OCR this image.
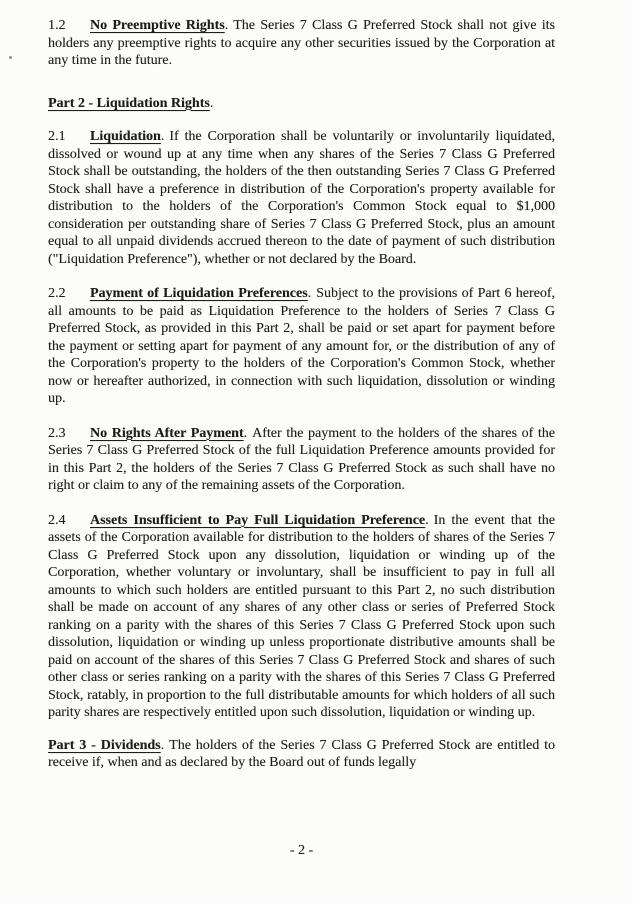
1.2 No Preemptive Rights. The Series 7 Class G Preferred Stock shall not give its holders any preemptive rights to acquire any other securities issued by the Corporation at any time in the future.

Part 2 - Liquidation Rights.

2.1 Liquidation. If the Corporation shall be voluntarily or involuntarily liquidated, dissolved or wound up at any time when any shares of the Series 7 Class G Preferred Stock shall be outstanding, the holders of the then outstanding Series 7 Class G Preferred Stock shall have a preference in distribution of the Corporation's property available for distribution to the holders of the Corporation's Common Stock equal to $1,000 consideration per outstanding share of Series 7 Class G Preferred Stock, plus an amount equal to all unpaid dividends accrued thereon to the date of payment of such distribution ("Liquidation Preference"), whether or not declared by the Board.

2.2 Payment of Liquidation Preferences. Subject to the provisions of Part 6 hereof, all amounts to be paid as Liquidation Preference to the holders of Series 7 Class G Preferred Stock, as provided in this Part 2, shall be paid or set apart for payment before the payment or setting apart for payment of any amount for, or the distribution of any of the Corporation's property to the holders of the Corporation's Common Stock, whether now or hereafter authorized, in connection with such liquidation, dissolution or winding up.

2.3 No Rights After Payment. After the payment to the holders of the shares of the Series 7 Class G Preferred Stock of the full Liquidation Preference amounts provided for in this Part 2, the holders of the Series 7 Class G Preferred Stock as such shall have no right or claim to any of the remaining assets of the Corporation.

2.4 Assets Insufficient to Pay Full Liquidation Preference. In the event that the assets of the Corporation available for distribution to the holders of shares of the Series 7 Class G Preferred Stock upon any dissolution, liquidation or winding up of the Corporation, whether voluntary or involuntary, shall be insufficient to pay in full all amounts to which such holders are entitled pursuant to this Part 2, no such distribution shall be made on account of any shares of any other class or series of Preferred Stock ranking on a parity with the shares of this Series 7 Class G Preferred Stock upon such dissolution, liquidation or winding up unless proportionate distributive amounts shall be paid on account of the shares of this Series 7 Class G Preferred Stock and shares of such other class or series ranking on a parity with the shares of this Series 7 Class G Preferred Stock, ratably, in proportion to the full distributable amounts for which holders of all such parity shares are respectively entitled upon such dissolution, liquidation or winding up.

Part 3 - Dividends. The holders of the Series 7 Class G Preferred Stock are entitled to receive if, when and as declared by the Board out of funds legally

- 2 -
